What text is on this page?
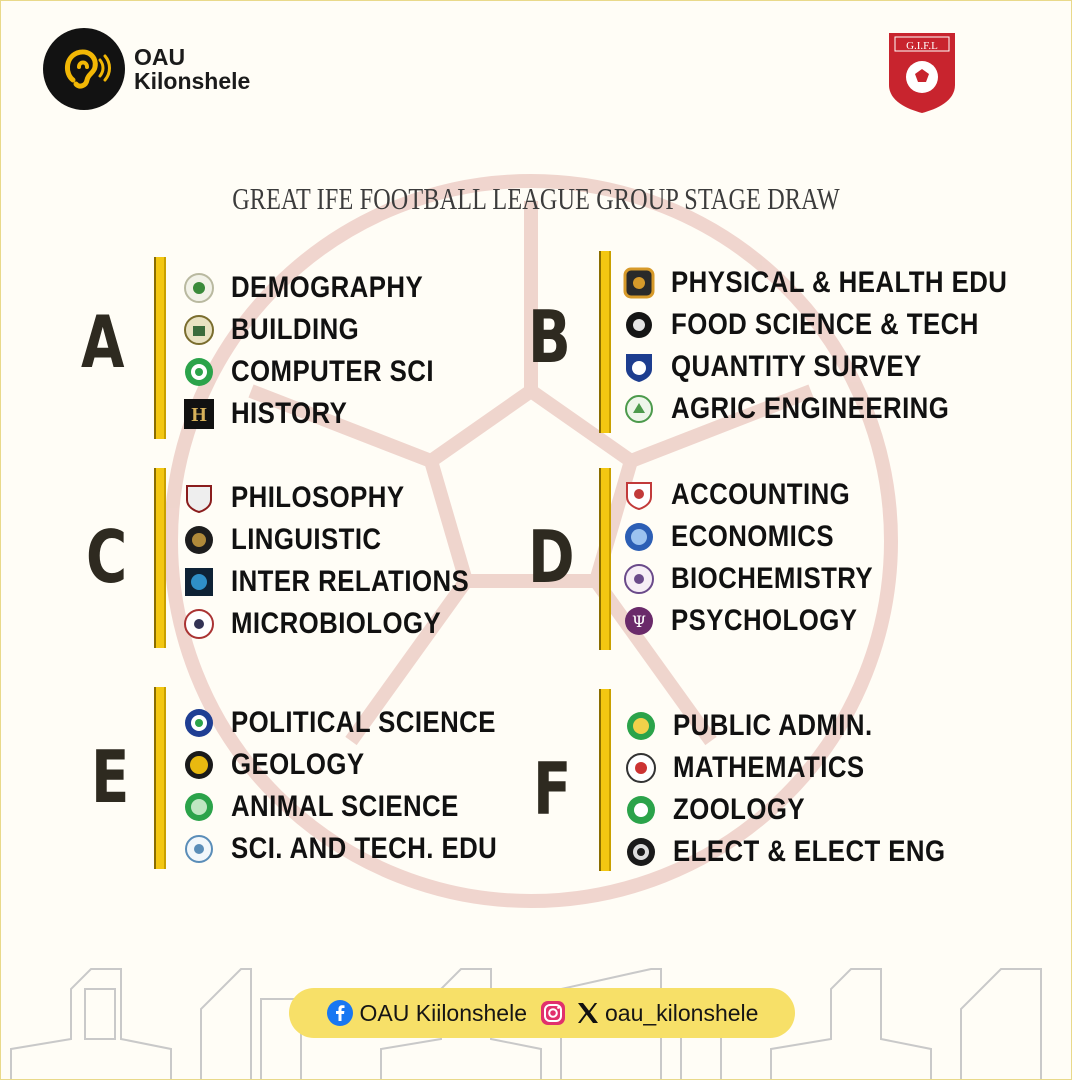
OAU
Kilonshele
G.I.F.L
GREAT IFE FOOTBALL LEAGUE GROUP STAGE DRAW
A
DEMOGRAPHY
BUILDING
COMPUTER SCI
H HISTORY
B
PHYSICAL & HEALTH EDU
FOOD SCIENCE & TECH
QUANTITY SURVEY
AGRIC ENGINEERING
C
PHILOSOPHY
LINGUISTIC
INTER RELATIONS
MICROBIOLOGY
D
ACCOUNTING
ECONOMICS
BIOCHEMISTRY
Ψ PSYCHOLOGY
E
POLITICAL SCIENCE
GEOLOGY
ANIMAL SCIENCE
SCI. AND TECH. EDU
F
PUBLIC ADMIN.
MATHEMATICS
ZOOLOGY
ELECT & ELECT ENG
OAU Kiilonshele	oau_kilonshele
